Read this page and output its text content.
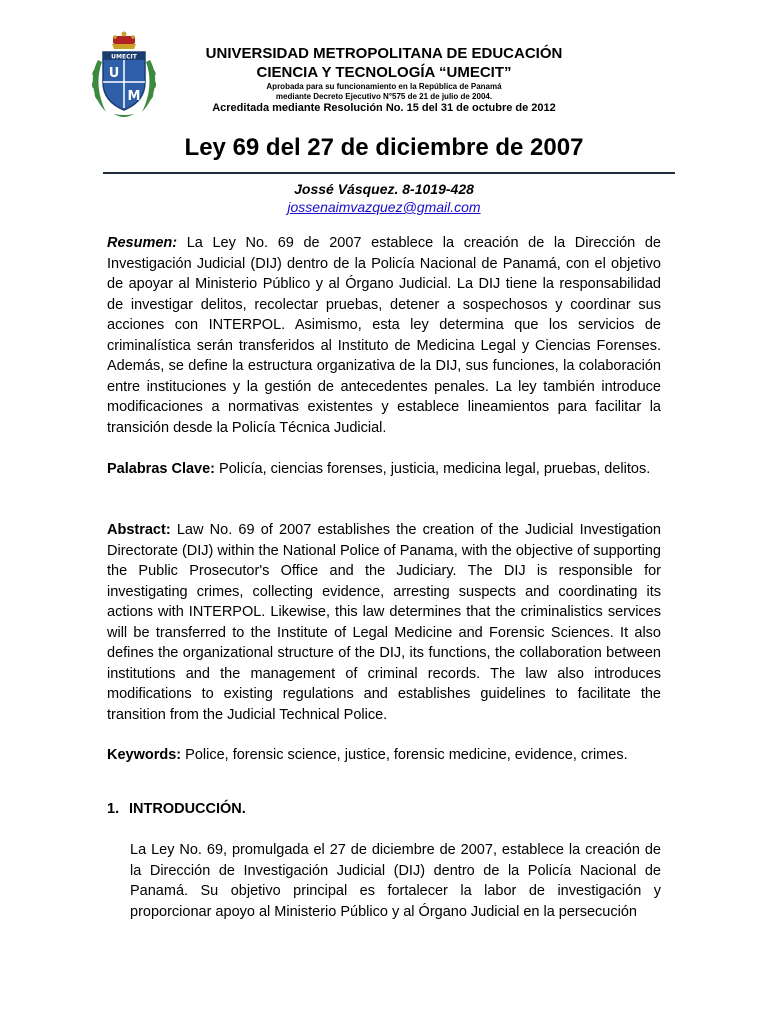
UMECIT
U
M
UNIVERSIDAD METROPOLITANA DE EDUCACIÓN
CIENCIA Y TECNOLOGÍA “UMECIT”
Aprobada para su funcionamiento en la República de Panamá
mediante Decreto Ejecutivo N°575 de 21 de julio de 2004.
Acreditada mediante Resolución No. 15 del 31 de octubre de 2012
Ley 69 del 27 de diciembre de 2007
Jossé Vásquez. 8-1019-428
jossenaimvazquez@gmail.com

Resumen: La Ley No. 69 de 2007 establece la creación de la Dirección de Investigación Judicial (DIJ) dentro de la Policía Nacional de Panamá, con el objetivo de apoyar al Ministerio Público y al Órgano Judicial. La DIJ tiene la responsabilidad de investigar delitos, recolectar pruebas, detener a sospechosos y coordinar sus acciones con INTERPOL. Asimismo, esta ley determina que los servicios de criminalística serán transferidos al Instituto de Medicina Legal y Ciencias Forenses. Además, se define la estructura organizativa de la DIJ, sus funciones, la colaboración entre instituciones y la gestión de antecedentes penales. La ley también introduce modificaciones a normativas existentes y establece lineamientos para facilitar la transición desde la Policía Técnica Judicial.

Palabras Clave: Policía, ciencias forenses, justicia, medicina legal, pruebas, delitos.

Abstract: Law No. 69 of 2007 establishes the creation of the Judicial Investigation Directorate (DIJ) within the National Police of Panama, with the objective of supporting the Public Prosecutor's Office and the Judiciary. The DIJ is responsible for investigating crimes, collecting evidence, arresting suspects and coordinating its actions with INTERPOL. Likewise, this law determines that the criminalistics services will be transferred to the Institute of Legal Medicine and Forensic Sciences. It also defines the organizational structure of the DIJ, its functions, the collaboration between institutions and the management of criminal records. The law also introduces modifications to existing regulations and establishes guidelines to facilitate the transition from the Judicial Technical Police.

Keywords: Police, forensic science, justice, forensic medicine, evidence, crimes.

1. INTRODUCCIÓN.

La Ley No. 69, promulgada el 27 de diciembre de 2007, establece la creación de la Dirección de Investigación Judicial (DIJ) dentro de la Policía Nacional de Panamá. Su objetivo principal es fortalecer la labor de investigación y proporcionar apoyo al Ministerio Público y al Órgano Judicial en la persecución
